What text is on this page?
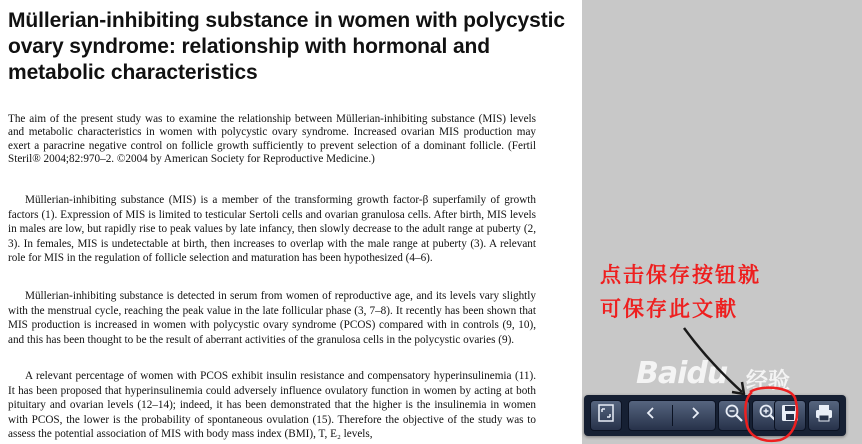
Müllerian-inhibiting substance in women with polycystic ovary syndrome: relationship with hormonal and metabolic characteristics
The aim of the present study was to examine the relationship between Müllerian-inhibiting substance (MIS) levels and metabolic characteristics in women with polycystic ovary syndrome. Increased ovarian MIS production may exert a paracrine negative control on follicle growth sufficiently to prevent selection of a dominant follicle. (Fertil Steril® 2004;82:970–2. ©2004 by American Society for Reproductive Medicine.)
Müllerian-inhibiting substance (MIS) is a member of the transforming growth factor-β superfamily of growth factors (1). Expression of MIS is limited to testicular Sertoli cells and ovarian granulosa cells. After birth, MIS levels in males are low, but rapidly rise to peak values by late infancy, then slowly decrease to the adult range at puberty (2, 3). In females, MIS is undetectable at birth, then increases to overlap with the male range at puberty (3). A relevant role for MIS in the regulation of follicle selection and maturation has been hypothesized (4–6).
Müllerian-inhibiting substance is detected in serum from women of reproductive age, and its levels vary slightly with the menstrual cycle, reaching the peak value in the late follicular phase (3, 7–8). It recently has been shown that MIS production is increased in women with polycystic ovary syndrome (PCOS) compared with in controls (9, 10), and this has been thought to be the result of aberrant activities of the granulosa cells in the polycystic ovaries (9).
A relevant percentage of women with PCOS exhibit insulin resistance and compensatory hyperinsulinemia (11). It has been proposed that hyperinsulinemia could adversely influence ovulatory function in women by acting at both pituitary and ovarian levels (12–14); indeed, it has been demonstrated that the higher is the insulinemia in women with PCOS, the lower is the probability of spontaneous ovulation (15). Therefore the objective of the study was to assess the potential association of MIS with body mass index (BMI), T, E₂ levels,
Baidu 经验
点击保存按钮就
可保存此文献
